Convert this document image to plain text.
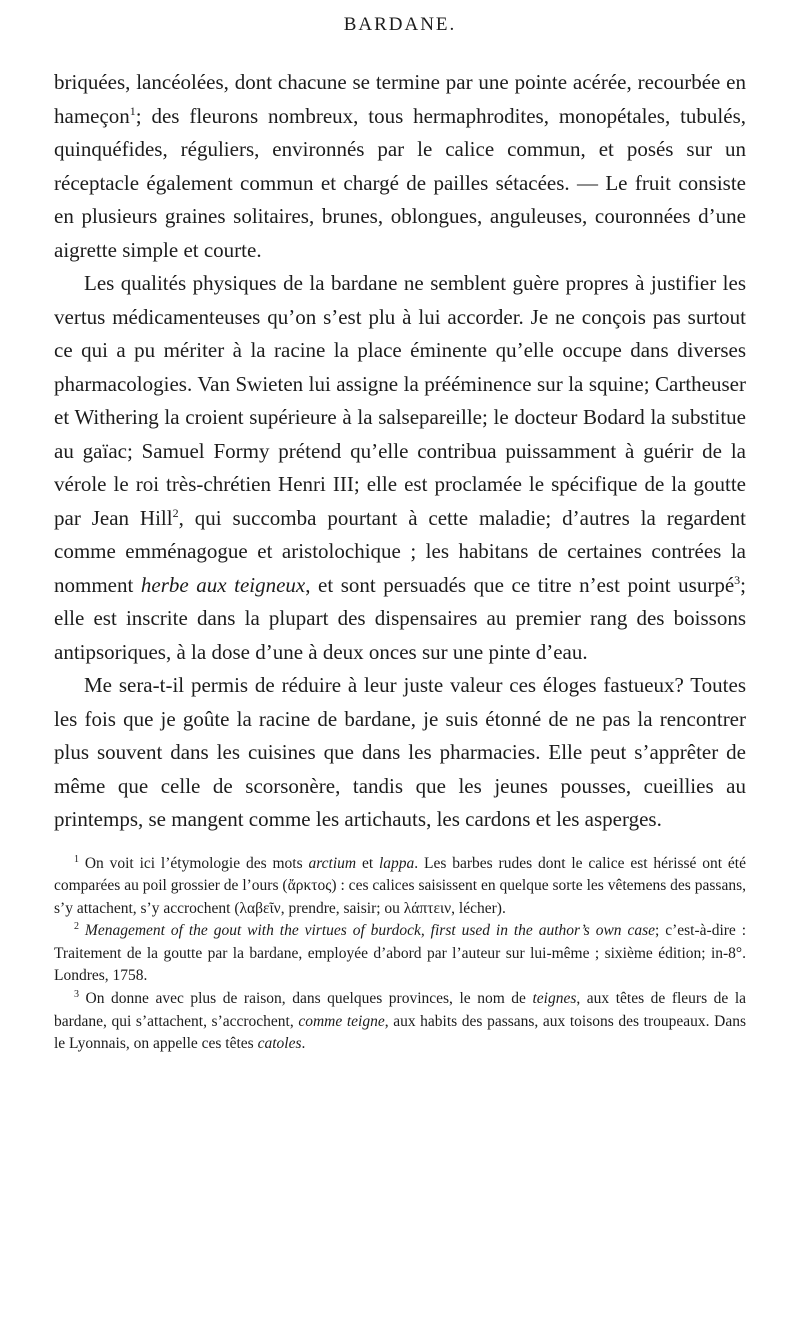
BARDANE.

briquées, lancéolées, dont chacune se termine par une pointe acérée, recourbée en hameçon$^1$; des fleurons nombreux, tous hermaphrodites, monopétales, tubulés, quinquéfides, réguliers, environnés par le calice commun, et posés sur un réceptacle également commun et chargé de pailles sétacées. — Le fruit consiste en plusieurs graines solitaires, brunes, oblongues, anguleuses, couronnées d’une aigrette simple et courte.

Les qualités physiques de la bardane ne semblent guère propres à justifier les vertus médicamenteuses qu’on s’est plu à lui accorder. Je ne conçois pas surtout ce qui a pu mériter à la racine la place éminente qu’elle occupe dans diverses pharmacologies. Van Swieten lui assigne la prééminence sur la squine; Cartheuser et Withering la croient supérieure à la salsepareille; le docteur Bodard la substitue au gaïac; Samuel Formy prétend qu’elle contribua puissamment à guérir de la vérole le roi très-chrétien Henri III; elle est proclamée le spécifique de la goutte par Jean Hill$^2$, qui succomba pourtant à cette maladie; d’autres la regardent comme emménagogue et aristolochique ; les habitans de certaines contrées la nomment herbe aux teigneux, et sont persuadés que ce titre n’est point usurpé$^3$; elle est inscrite dans la plupart des dispensaires au premier rang des boissons antipsoriques, à la dose d’une à deux onces sur une pinte d’eau.

Me sera-t-il permis de réduire à leur juste valeur ces éloges fastueux? Toutes les fois que je goûte la racine de bardane, je suis étonné de ne pas la rencontrer plus souvent dans les cuisines que dans les pharmacies. Elle peut s’apprêter de même que celle de scorsonère, tandis que les jeunes pousses, cueillies au printemps, se mangent comme les artichauts, les cardons et les asperges.

$^1$ On voit ici l’étymologie des mots arctium et lappa. Les barbes rudes dont le calice est hérissé ont été comparées au poil grossier de l’ours (ἄρκτος) : ces calices saisissent en quelque sorte les vêtemens des passans, s’y attachent, s’y accrochent (λαβεῖν, prendre, saisir; ou λάπτειν, lécher).

$^2$ Menagement of the gout with the virtues of burdock, first used in the author’s own case; c’est-à-dire : Traitement de la goutte par la bardane, employée d’abord par l’auteur sur lui-même ; sixième édition; in-8°. Londres, 1758.

$^3$ On donne avec plus de raison, dans quelques provinces, le nom de teignes, aux têtes de fleurs de la bardane, qui s’attachent, s’accrochent, comme teigne, aux habits des passans, aux toisons des troupeaux. Dans le Lyonnais, on appelle ces têtes catoles.
